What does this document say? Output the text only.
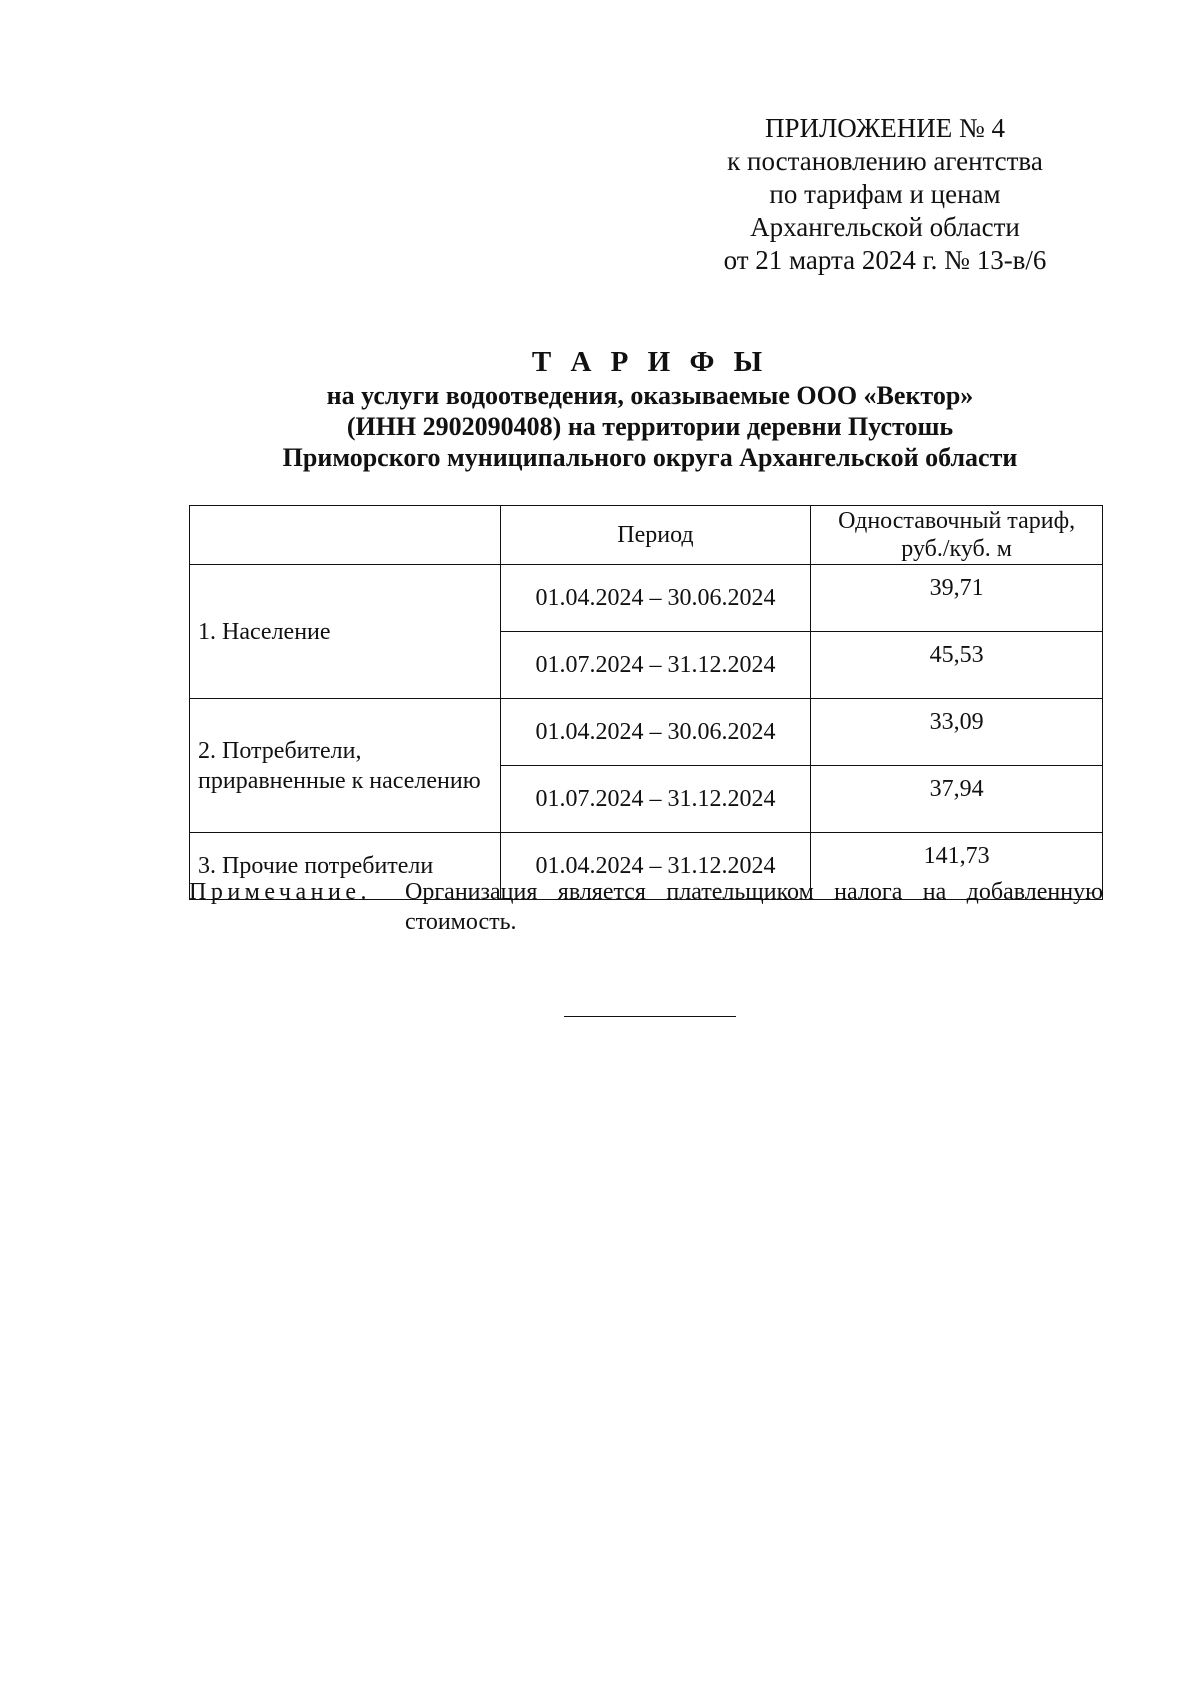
ПРИЛОЖЕНИЕ № 4
к постановлению агентства
по тарифам и ценам
Архангельской области
от 21 марта 2024 г. № 13-в/6
Т А Р И Ф Ы
на услуги водоотведения, оказываемые ООО «Вектор»
(ИНН 2902090408) на территории деревни Пустошь
Приморского муниципального округа Архангельской области
	Период	Одноставочный тариф,
руб./куб. м

1. Население	01.04.2024 – 30.06.2024	39,71
	01.07.2024 – 31.12.2024	45,53

2. Потребители,
приравненные к населению	01.04.2024 – 30.06.2024	33,09
	01.07.2024 – 31.12.2024	37,94
3. Прочие потребители	01.04.2024 – 31.12.2024	141,73
Примечание. Организация является плательщиком налога на добавленную стоимость.
